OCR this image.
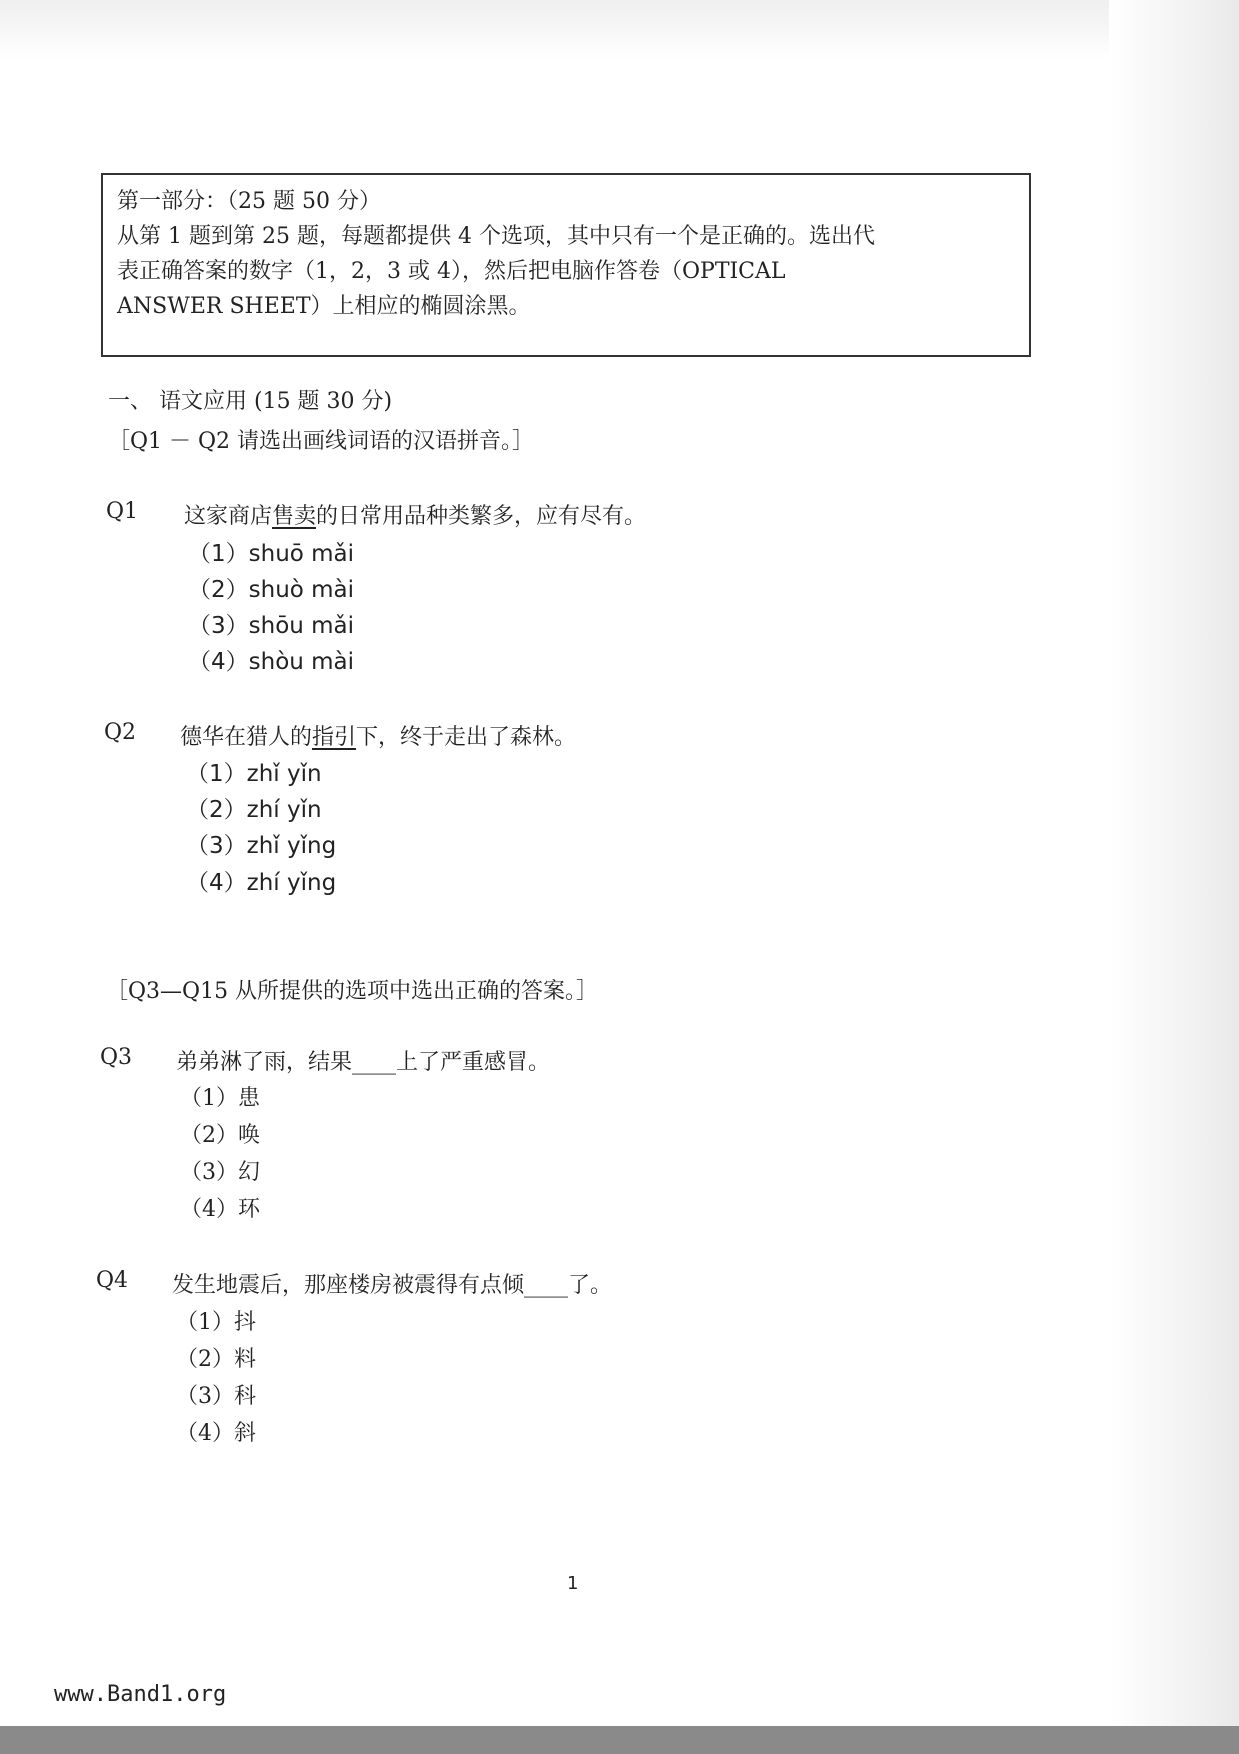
第一部分：（25 题 50 分）
从第 1 题到第 25 题，每题都提供 4 个选项，其中只有一个是正确的。选出代
表正确答案的数字（1，2，3 或 4），然后把电脑作答卷（OPTICAL
ANSWER SHEET）上相应的椭圆涂黑。
一、 语文应用 (15 题 30 分)
［Q1 － Q2 请选出画线词语的汉语拼音。］
Q1 这家商店售卖的日常用品种类繁多，应有尽有。
（1）shuō mǎi
（2）shuò mài
（3）shōu mǎi
（4）shòu mài
Q2 德华在猎人的指引下，终于走出了森林。
（1）zhǐ yǐn
（2）zhí yǐn
（3）zhǐ yǐng
（4）zhí yǐng
［Q3—Q15 从所提供的选项中选出正确的答案。］
Q3 弟弟淋了雨，结果____上了严重感冒。
（1）患
（2）唤
（3）幻
（4）环
Q4 发生地震后，那座楼房被震得有点倾____了。
（1）抖
（2）料
（3）科
（4）斜
1
www.Band1.org
